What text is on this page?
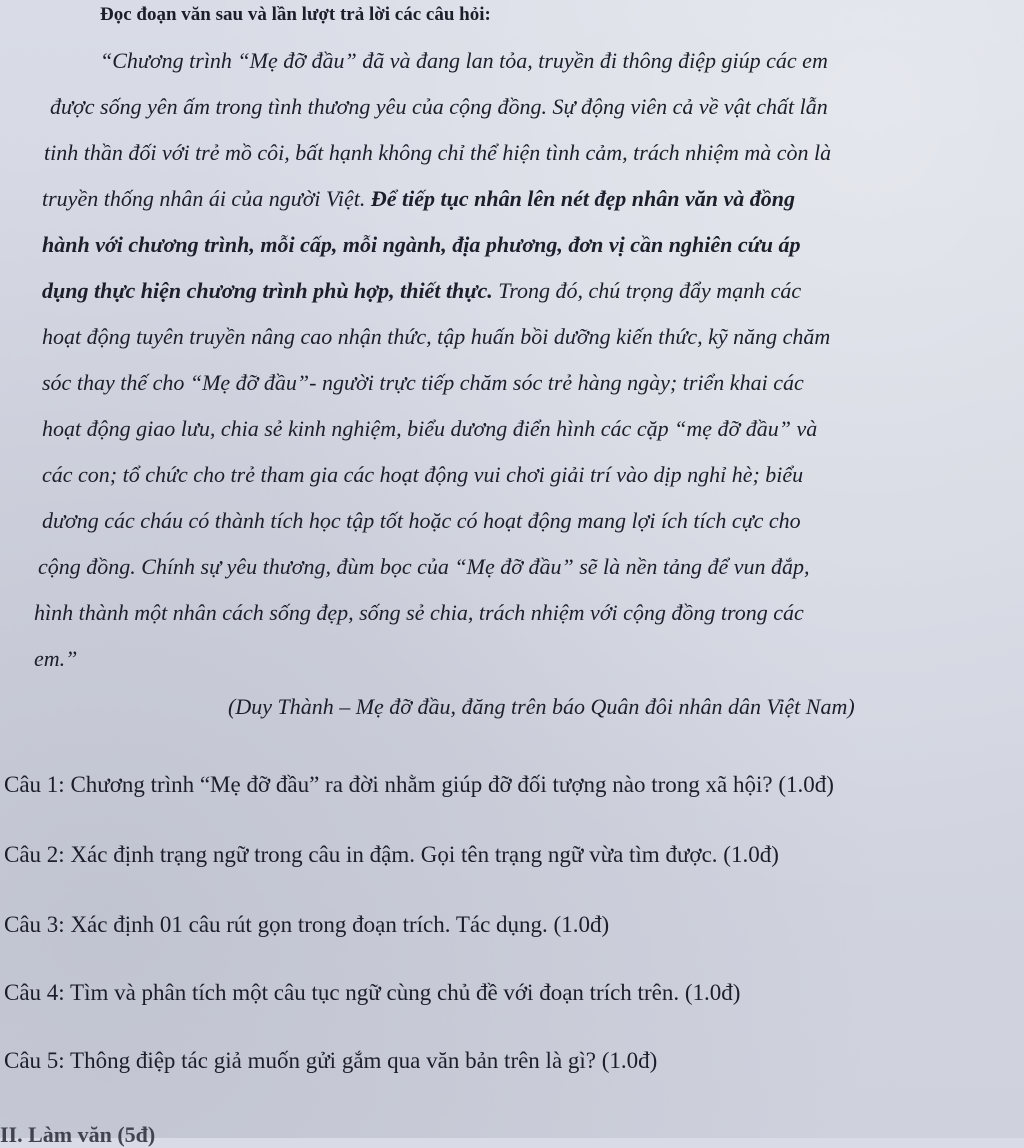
Đọc đoạn văn sau và lần lượt trả lời các câu hỏi:
“Chương trình “Mẹ đỡ đầu” đã và đang lan tỏa, truyền đi thông điệp giúp các em
được sống yên ấm trong tình thương yêu của cộng đồng. Sự động viên cả về vật chất lẫn
tinh thần đối với trẻ mồ côi, bất hạnh không chỉ thể hiện tình cảm, trách nhiệm mà còn là
truyền thống nhân ái của người Việt. Để tiếp tục nhân lên nét đẹp nhân văn và đồng
hành với chương trình, mỗi cấp, mỗi ngành, địa phương, đơn vị cần nghiên cứu áp
dụng thực hiện chương trình phù hợp, thiết thực. Trong đó, chú trọng đẩy mạnh các
hoạt động tuyên truyền nâng cao nhận thức, tập huấn bồi dưỡng kiến thức, kỹ năng chăm
sóc thay thế cho “Mẹ đỡ đầu”- người trực tiếp chăm sóc trẻ hàng ngày; triển khai các
hoạt động giao lưu, chia sẻ kinh nghiệm, biểu dương điển hình các cặp “mẹ đỡ đầu” và
các con; tổ chức cho trẻ tham gia các hoạt động vui chơi giải trí vào dịp nghỉ hè; biểu
dương các cháu có thành tích học tập tốt hoặc có hoạt động mang lợi ích tích cực cho
cộng đồng. Chính sự yêu thương, đùm bọc của “Mẹ đỡ đầu” sẽ là nền tảng để vun đắp,
hình thành một nhân cách sống đẹp, sống sẻ chia, trách nhiệm với cộng đồng trong các
em.”
(Duy Thành – Mẹ đỡ đầu, đăng trên báo Quân đôi nhân dân Việt Nam)
Câu 1: Chương trình “Mẹ đỡ đầu” ra đời nhằm giúp đỡ đối tượng nào trong xã hội? (1.0đ)
Câu 2: Xác định trạng ngữ trong câu in đậm. Gọi tên trạng ngữ vừa tìm được. (1.0đ)
Câu 3: Xác định 01 câu rút gọn trong đoạn trích. Tác dụng. (1.0đ)
Câu 4: Tìm và phân tích một câu tục ngữ cùng chủ đề với đoạn trích trên. (1.0đ)
Câu 5: Thông điệp tác giả muốn gửi gắm qua văn bản trên là gì? (1.0đ)
II. Làm văn (5đ)
